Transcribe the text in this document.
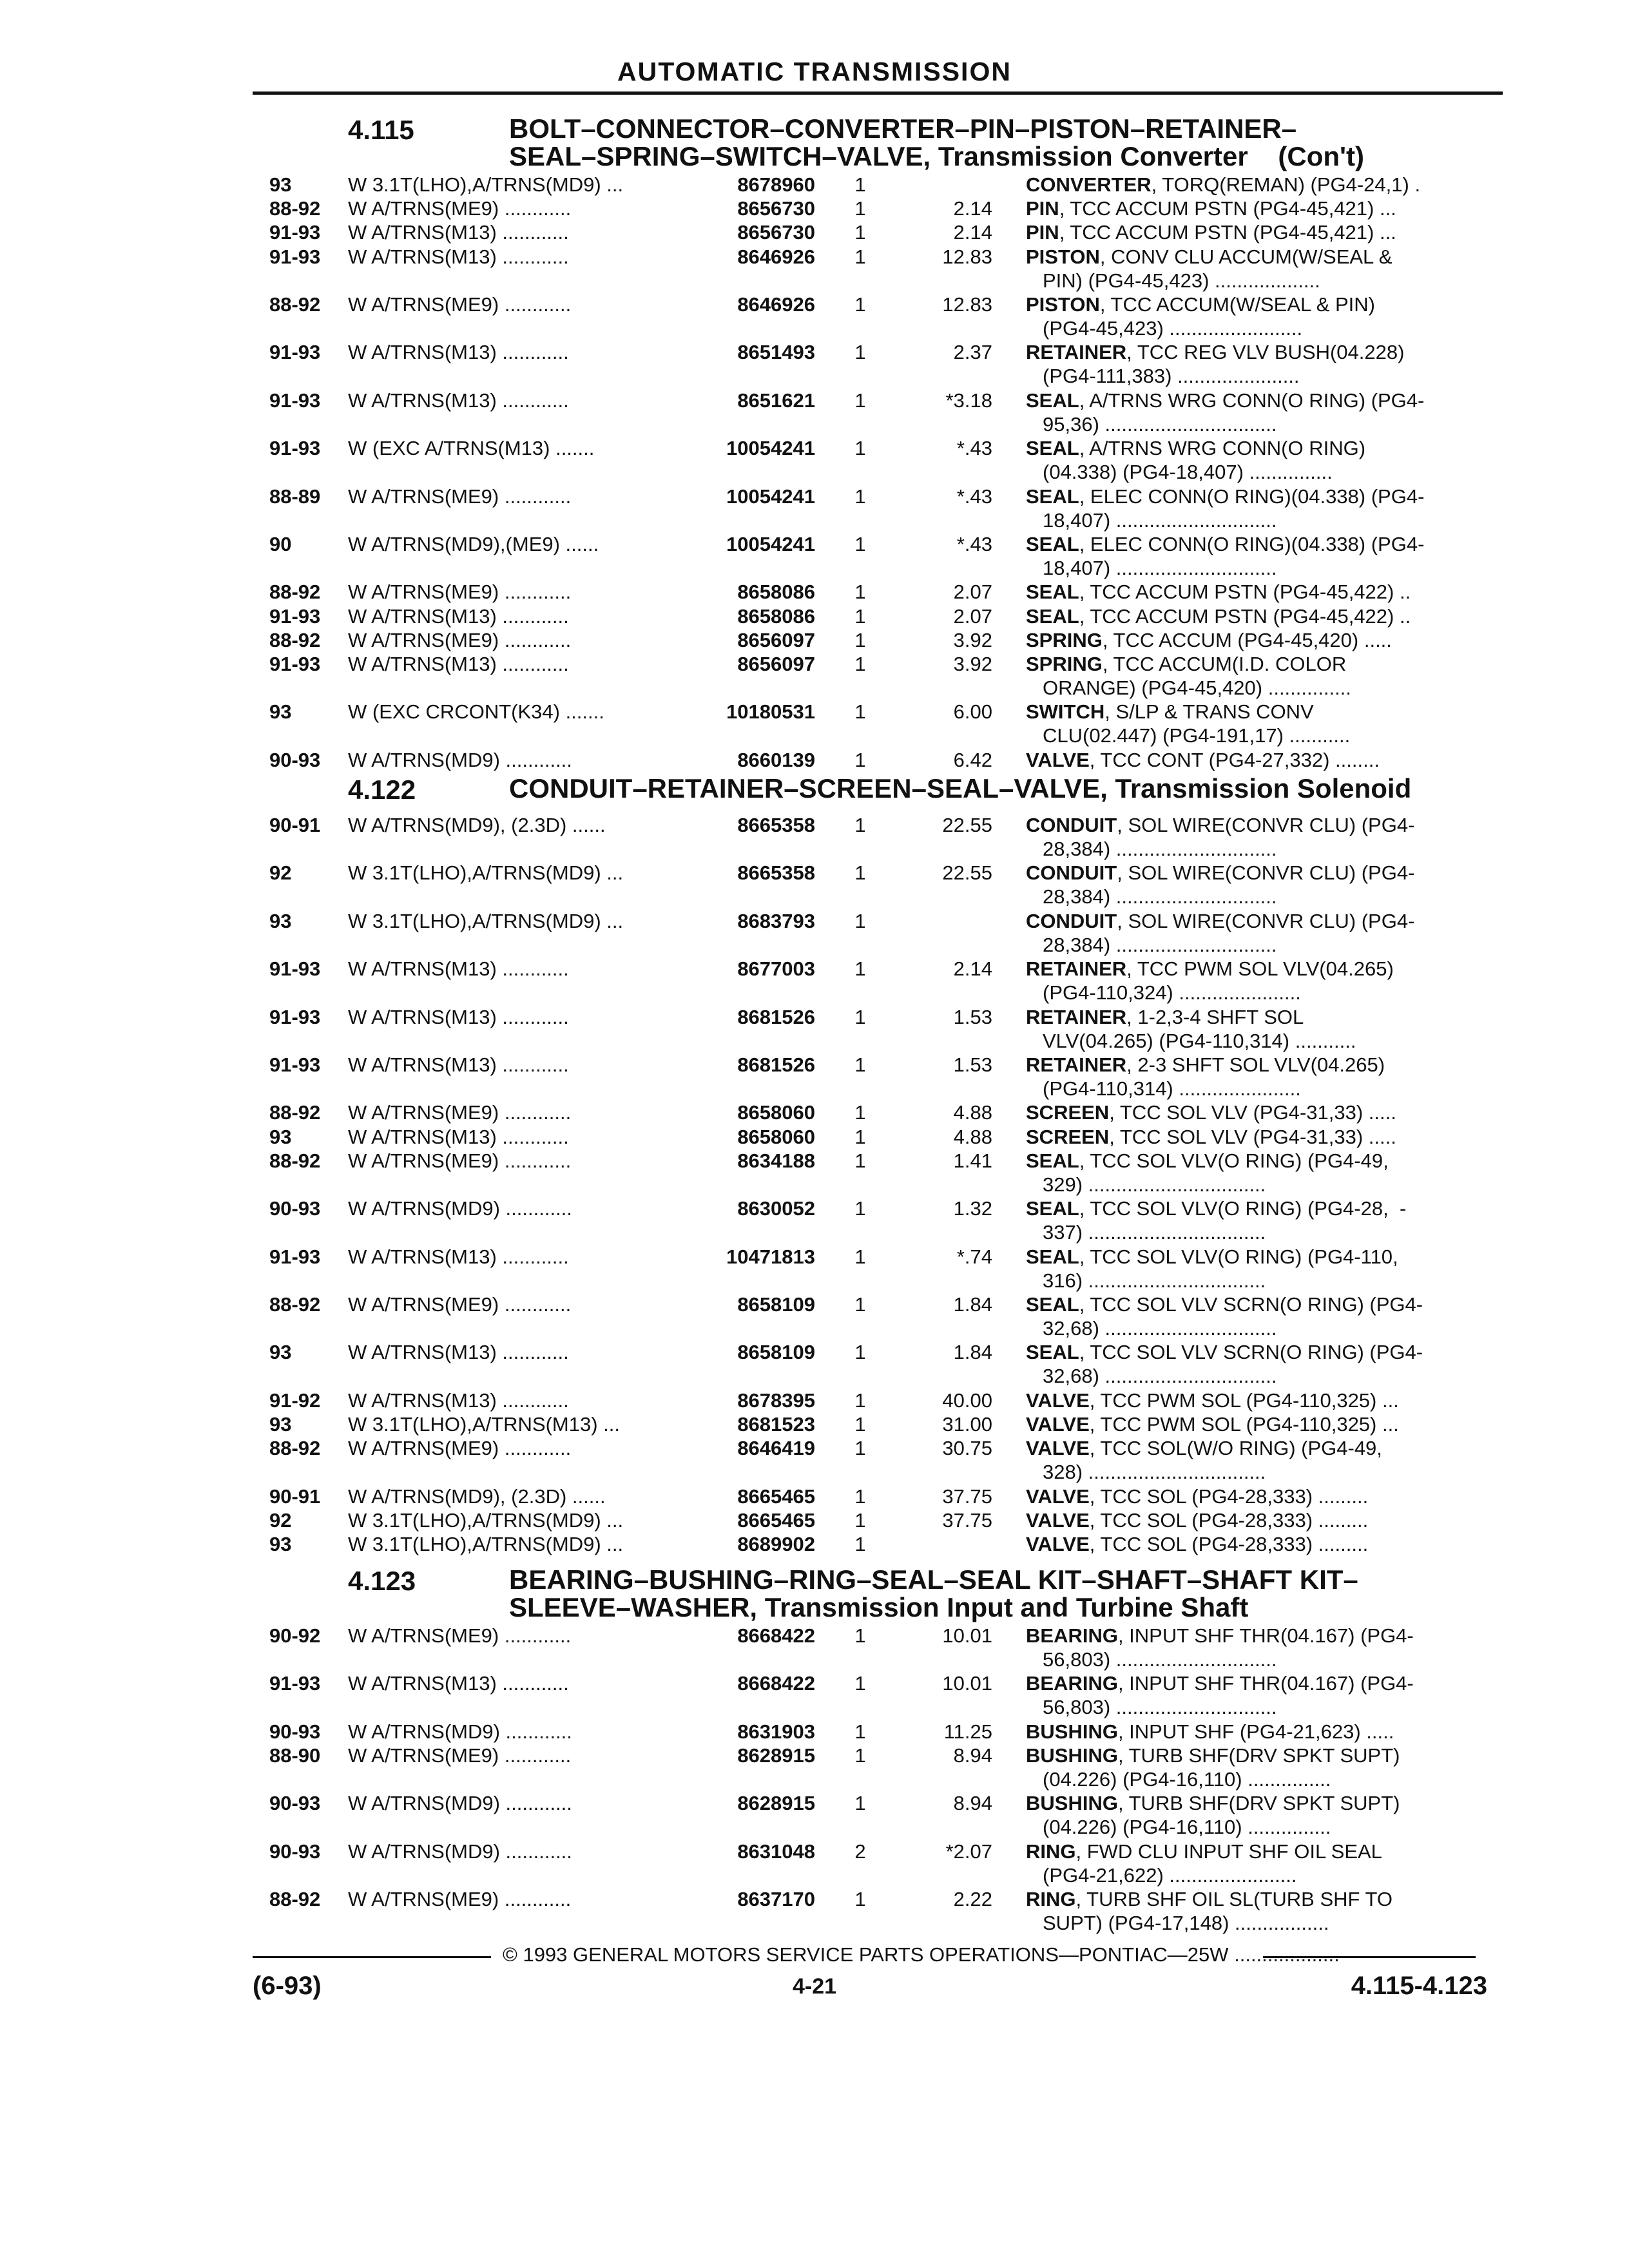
AUTOMATIC TRANSMISSION
4.115	BOLT–CONNECTOR–CONVERTER–PIN–PISTON–RETAINER–
SEAL–SPRING–SWITCH–VALVE, Transmission Converter    (Con't)
93	W 3.1T(LHO),A/TRNS(MD9) ...	8678960 1	CONVERTER, TORQ(REMAN) (PG4-24,1) .
88-92 W A/TRNS(ME9) ............	8656730 1	2.14 PIN, TCC ACCUM PSTN (PG4-45,421) ...
91-93 W A/TRNS(M13) ............	8656730 1	2.14 PIN, TCC ACCUM PSTN (PG4-45,421) ...
91-93 W A/TRNS(M13) ............	8646926 1	12.83 PISTON, CONV CLU ACCUM(W/SEAL &
PIN) (PG4-45,423) ...................
88-92 W A/TRNS(ME9) ............	8646926 1	12.83 PISTON, TCC ACCUM(W/SEAL & PIN)
(PG4-45,423) ........................
91-93 W A/TRNS(M13) ............	8651493 1	2.37 RETAINER, TCC REG VLV BUSH(04.228)
(PG4-111,383) ......................
91-93 W A/TRNS(M13) ............	8651621 1	*3.18 SEAL, A/TRNS WRG CONN(O RING) (PG4-
95,36) ...............................
91-93 W (EXC A/TRNS(M13) .......	10054241 1	*.43 SEAL, A/TRNS WRG CONN(O RING)
(04.338) (PG4-18,407) ...............
88-89 W A/TRNS(ME9) ............	10054241 1	*.43 SEAL, ELEC CONN(O RING)(04.338) (PG4-
18,407) .............................
90	W A/TRNS(MD9),(ME9) ......	10054241 1	*.43 SEAL, ELEC CONN(O RING)(04.338) (PG4-
18,407) .............................
88-92 W A/TRNS(ME9) ............	8658086 1	2.07 SEAL, TCC ACCUM PSTN (PG4-45,422) ..
91-93 W A/TRNS(M13) ............	8658086 1	2.07 SEAL, TCC ACCUM PSTN (PG4-45,422) ..
88-92 W A/TRNS(ME9) ............	8656097 1	3.92 SPRING, TCC ACCUM (PG4-45,420) .....
91-93 W A/TRNS(M13) ............	8656097 1	3.92 SPRING, TCC ACCUM(I.D. COLOR
ORANGE) (PG4-45,420) ...............
93	W (EXC CRCONT(K34) .......	10180531 1	6.00 SWITCH, S/LP & TRANS CONV
CLU(02.447) (PG4-191,17) ...........
90-93 W A/TRNS(MD9) ............	8660139 1	6.42 VALVE, TCC CONT (PG4-27,332) ........
4.122	CONDUIT–RETAINER–SCREEN–SEAL–VALVE, Transmission Solenoid
90-91 W A/TRNS(MD9), (2.3D) ......	8665358 1	22.55 CONDUIT, SOL WIRE(CONVR CLU) (PG4-
28,384) .............................
92	W 3.1T(LHO),A/TRNS(MD9) ...	8665358 1	22.55 CONDUIT, SOL WIRE(CONVR CLU) (PG4-
28,384) .............................
93	W 3.1T(LHO),A/TRNS(MD9) ...	8683793 1	CONDUIT, SOL WIRE(CONVR CLU) (PG4-
28,384) .............................
91-93 W A/TRNS(M13) ............	8677003 1	2.14 RETAINER, TCC PWM SOL VLV(04.265)
(PG4-110,324) ......................
91-93 W A/TRNS(M13) ............	8681526 1	1.53 RETAINER, 1-2,3-4 SHFT SOL
VLV(04.265) (PG4-110,314) ...........
91-93 W A/TRNS(M13) ............	8681526 1	1.53 RETAINER, 2-3 SHFT SOL VLV(04.265)
(PG4-110,314) ......................
88-92 W A/TRNS(ME9) ............	8658060 1	4.88 SCREEN, TCC SOL VLV (PG4-31,33) .....
93	W A/TRNS(M13) ............	8658060 1	4.88 SCREEN, TCC SOL VLV (PG4-31,33) .....
88-92 W A/TRNS(ME9) ............	8634188 1	1.41 SEAL, TCC SOL VLV(O RING) (PG4-49,
329) ................................
90-93 W A/TRNS(MD9) ............	8630052 1	1.32 SEAL, TCC SOL VLV(O RING) (PG4-28,  -
337) ................................
91-93 W A/TRNS(M13) ............	10471813 1	*.74 SEAL, TCC SOL VLV(O RING) (PG4-110,
316) ................................
88-92 W A/TRNS(ME9) ............	8658109 1	1.84 SEAL, TCC SOL VLV SCRN(O RING) (PG4-
32,68) ...............................
93	W A/TRNS(M13) ............	8658109 1	1.84 SEAL, TCC SOL VLV SCRN(O RING) (PG4-
32,68) ...............................
91-92 W A/TRNS(M13) ............	8678395 1	40.00 VALVE, TCC PWM SOL (PG4-110,325) ...
93	W 3.1T(LHO),A/TRNS(M13) ...	8681523 1	31.00 VALVE, TCC PWM SOL (PG4-110,325) ...
88-92 W A/TRNS(ME9) ............	8646419 1	30.75 VALVE, TCC SOL(W/O RING) (PG4-49,
328) ................................
90-91 W A/TRNS(MD9), (2.3D) ......	8665465 1	37.75 VALVE, TCC SOL (PG4-28,333) .........
92	W 3.1T(LHO),A/TRNS(MD9) ...	8665465 1	37.75 VALVE, TCC SOL (PG4-28,333) .........
93	W 3.1T(LHO),A/TRNS(MD9) ...	8689902 1	VALVE, TCC SOL (PG4-28,333) .........
4.123	BEARING–BUSHING–RING–SEAL–SEAL KIT–SHAFT–SHAFT KIT–
SLEEVE–WASHER, Transmission Input and Turbine Shaft
90-92 W A/TRNS(ME9) ............	8668422 1	10.01 BEARING, INPUT SHF THR(04.167) (PG4-
56,803) .............................
91-93 W A/TRNS(M13) ............	8668422 1	10.01 BEARING, INPUT SHF THR(04.167) (PG4-
56,803) .............................
90-93 W A/TRNS(MD9) ............	8631903 1	11.25 BUSHING, INPUT SHF (PG4-21,623) .....
88-90 W A/TRNS(ME9) ............	8628915 1	8.94 BUSHING, TURB SHF(DRV SPKT SUPT)
(04.226) (PG4-16,110) ...............
90-93 W A/TRNS(MD9) ............	8628915 1	8.94 BUSHING, TURB SHF(DRV SPKT SUPT)
(04.226) (PG4-16,110) ...............
90-93 W A/TRNS(MD9) ............	8631048 2	*2.07 RING, FWD CLU INPUT SHF OIL SEAL
(PG4-21,622) .......................
88-92 W A/TRNS(ME9) ............	8637170 1	2.22 RING, TURB SHF OIL SL(TURB SHF TO
SUPT) (PG4-17,148) .................
© 1993 GENERAL MOTORS SERVICE PARTS OPERATIONS—PONTIAC—25W ...................
(6-93)	4-21	4.115-4.123
